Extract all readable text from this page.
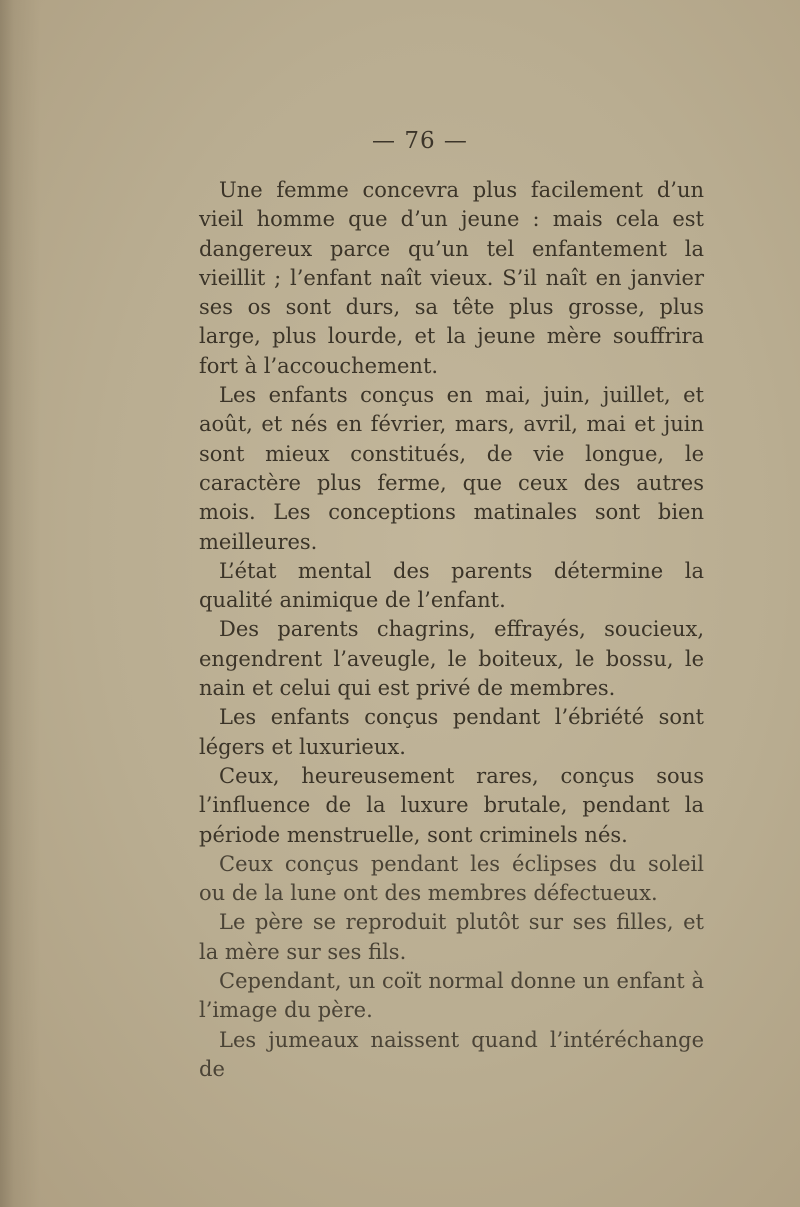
— 76 —

Une femme concevra plus facilement d’un vieil homme que d’un jeune : mais cela est dangereux parce qu’un tel enfantement la vieillit ; l’enfant naît vieux. S’il naît en janvier ses os sont durs, sa tête plus grosse, plus large, plus lourde, et la jeune mère souffrira fort à l’accouchement.

Les enfants conçus en mai, juin, juillet, et août, et nés en février, mars, avril, mai et juin sont mieux constitués, de vie longue, le caractère plus ferme, que ceux des autres mois. Les conceptions matinales sont bien meilleures.

L’état mental des parents détermine la qualité animique de l’enfant.

Des parents chagrins, effrayés, soucieux, engendrent l’aveugle, le boiteux, le bossu, le nain et celui qui est privé de membres.

Les enfants conçus pendant l’ébriété sont légers et luxurieux.

Ceux, heureusement rares, conçus sous l’influence de la luxure brutale, pendant la période menstruelle, sont criminels nés.

Ceux conçus pendant les éclipses du soleil ou de la lune ont des membres défectueux.

Le père se reproduit plutôt sur ses filles, et la mère sur ses fils.

Cependant, un coït normal donne un enfant à l’image du père.

Les jumeaux naissent quand l’intéréchange de
